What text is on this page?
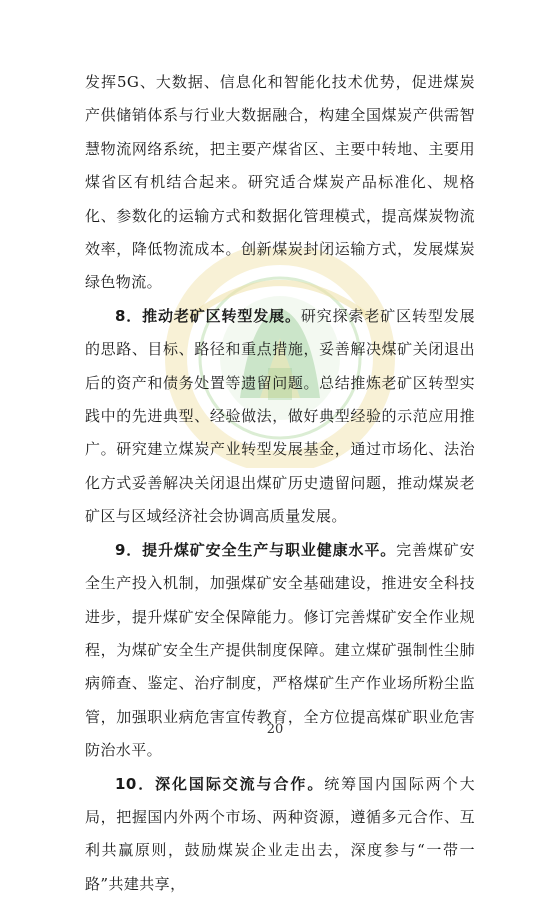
发挥5G、大数据、信息化和智能化技术优势，促进煤炭产供储销体系与行业大数据融合，构建全国煤炭产供需智慧物流网络系统，把主要产煤省区、主要中转地、主要用煤省区有机结合起来。研究适合煤炭产品标准化、规格化、参数化的运输方式和数据化管理模式，提高煤炭物流效率，降低物流成本。创新煤炭封闭运输方式，发展煤炭绿色物流。

8．推动老矿区转型发展。研究探索老矿区转型发展的思路、目标、路径和重点措施，妥善解决煤矿关闭退出后的资产和债务处置等遗留问题。总结推炼老矿区转型实践中的先进典型、经验做法，做好典型经验的示范应用推广。研究建立煤炭产业转型发展基金，通过市场化、法治化方式妥善解决关闭退出煤矿历史遗留问题，推动煤炭老矿区与区域经济社会协调高质量发展。

9．提升煤矿安全生产与职业健康水平。完善煤矿安全生产投入机制，加强煤矿安全基础建设，推进安全科技进步，提升煤矿安全保障能力。修订完善煤矿安全作业规程，为煤矿安全生产提供制度保障。建立煤矿强制性尘肺病筛查、鉴定、治疗制度，严格煤矿生产作业场所粉尘监管，加强职业病危害宣传教育，全方位提高煤矿职业危害防治水平。

10．深化国际交流与合作。统筹国内国际两个大局，把握国内外两个市场、两种资源，遵循多元合作、互利共赢原则，鼓励煤炭企业走出去，深度参与“一带一路”共建共享，

20
